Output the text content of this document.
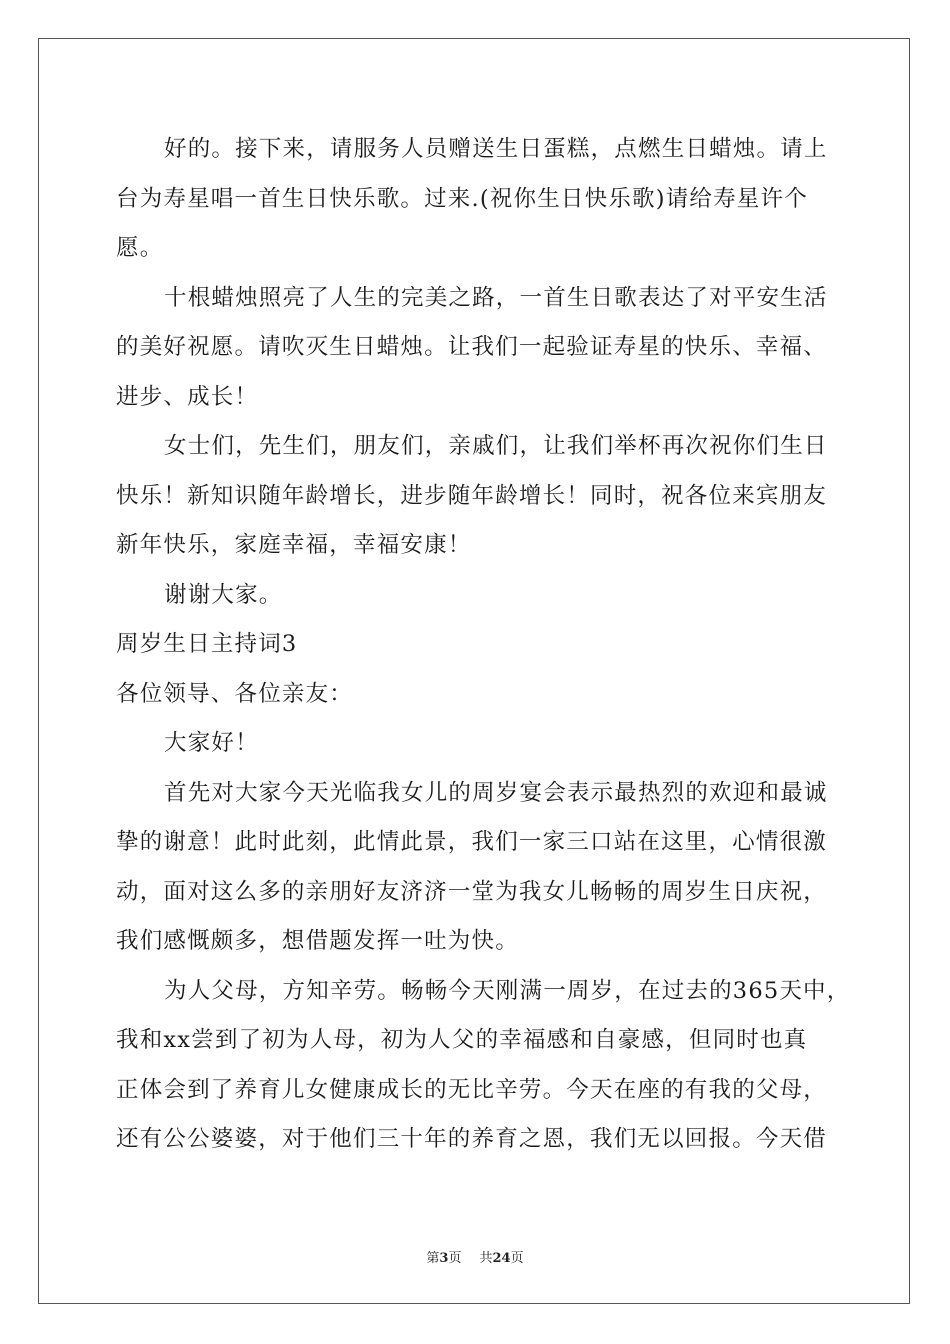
好的。接下来，请服务人员赠送生日蛋糕，点燃生日蜡烛。请上
台为寿星唱一首生日快乐歌。过来.(祝你生日快乐歌)请给寿星许个
愿。
十根蜡烛照亮了人生的完美之路，一首生日歌表达了对平安生活
的美好祝愿。请吹灭生日蜡烛。让我们一起验证寿星的快乐、幸福、
进步、成长！
女士们，先生们，朋友们，亲戚们，让我们举杯再次祝你们生日
快乐！新知识随年龄增长，进步随年龄增长！同时，祝各位来宾朋友
新年快乐，家庭幸福，幸福安康！
谢谢大家。
周岁生日主持词3
各位领导、各位亲友：
大家好！
首先对大家今天光临我女儿的周岁宴会表示最热烈的欢迎和最诚
挚的谢意！此时此刻，此情此景，我们一家三口站在这里，心情很激
动，面对这么多的亲朋好友济济一堂为我女儿畅畅的周岁生日庆祝，
我们感慨颇多，想借题发挥一吐为快。
为人父母，方知辛劳。畅畅今天刚满一周岁，在过去的365天中，
我和xx尝到了初为人母，初为人父的幸福感和自豪感，但同时也真
正体会到了养育儿女健康成长的无比辛劳。今天在座的有我的父母，
还有公公婆婆，对于他们三十年的养育之恩，我们无以回报。今天借
第3页 共24页
